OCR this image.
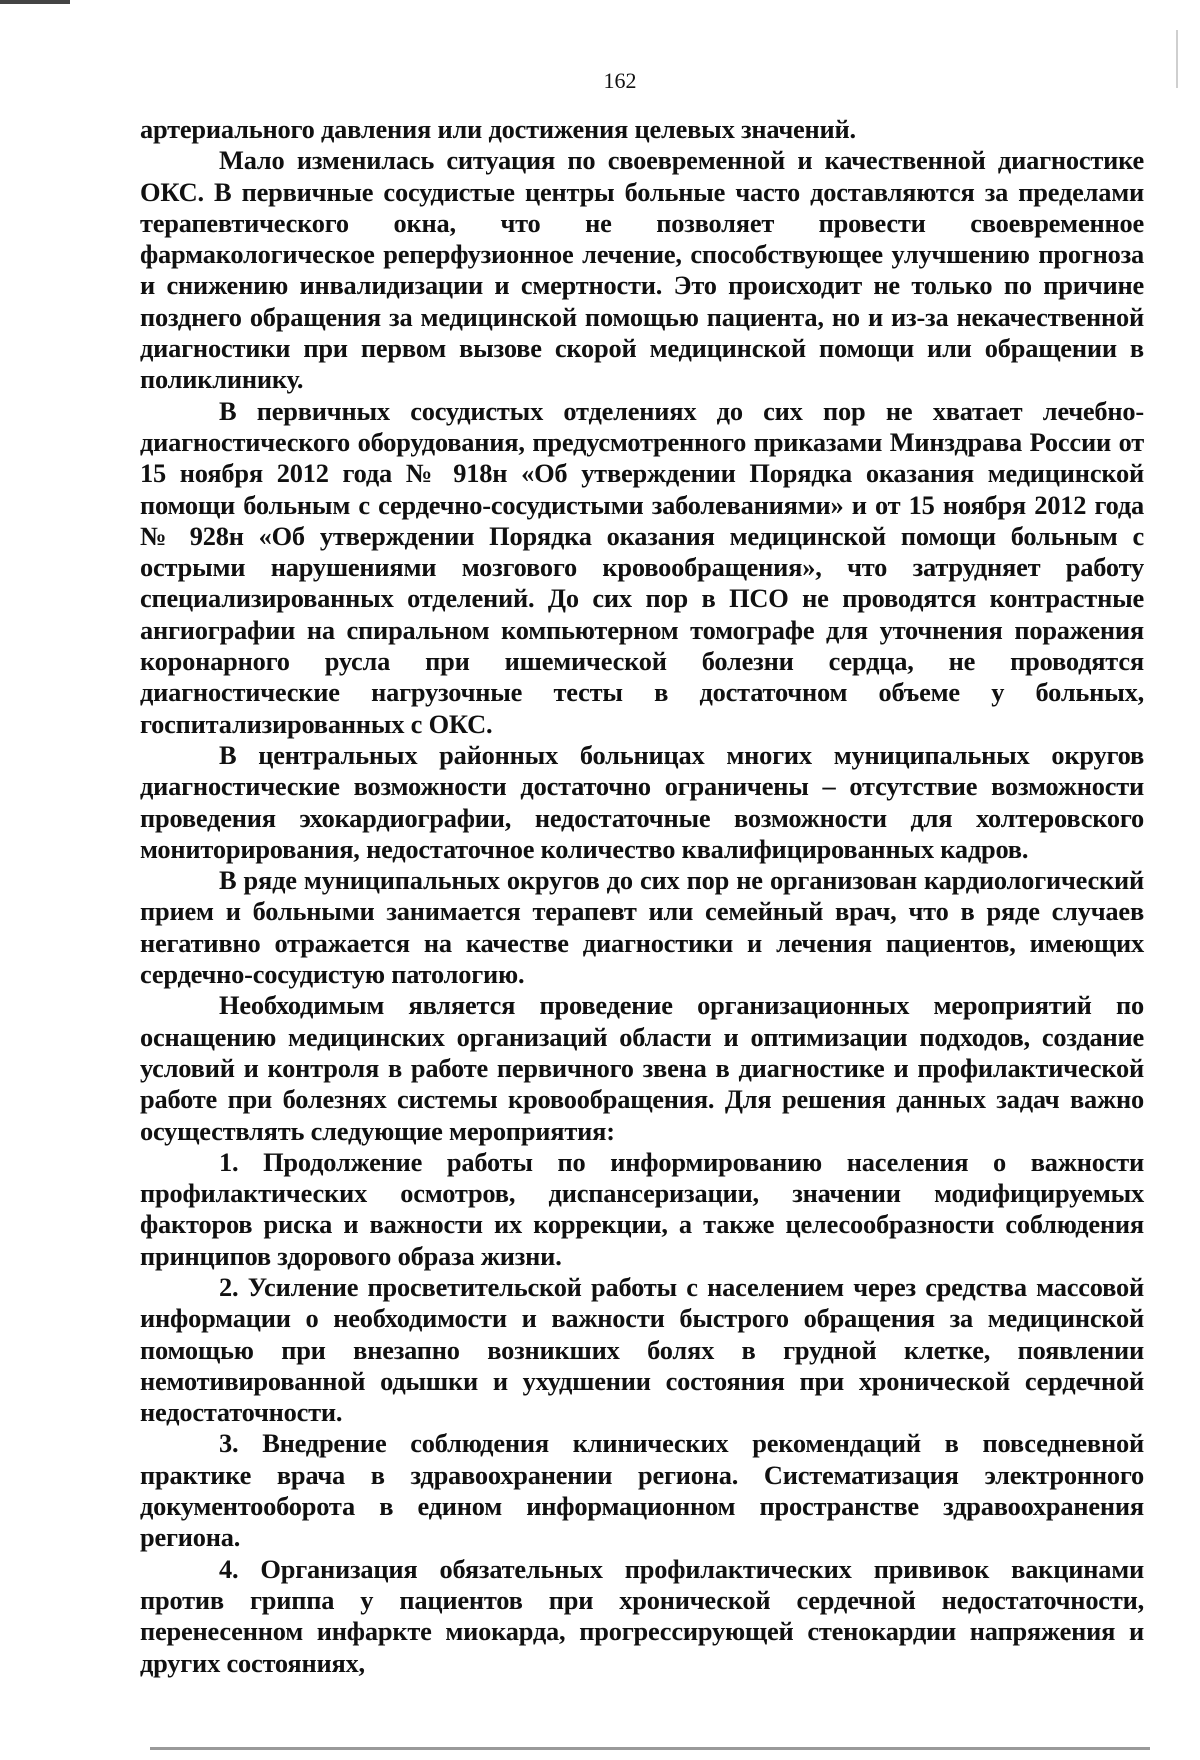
162

артериального давления или достижения целевых значений.

Мало изменилась ситуация по своевременной и качественной диагностике ОКС. В первичные сосудистые центры больные часто доставляются за пределами терапевтического окна, что не позволяет провести своевременное фармакологическое реперфузионное лечение, способствующее улучшению прогноза и снижению инвалидизации и смертности. Это происходит не только по причине позднего обращения за медицинской помощью пациента, но и из-за некачественной диагностики при первом вызове скорой медицинской помощи или обращении в поликлинику.

В первичных сосудистых отделениях до сих пор не хватает лечебно-диагностического оборудования, предусмотренного приказами Минздрава России от 15 ноября 2012 года № 918н «Об утверждении Порядка оказания медицинской помощи больным с сердечно-сосудистыми заболеваниями» и от 15 ноября 2012 года № 928н «Об утверждении Порядка оказания медицинской помощи больным с острыми нарушениями мозгового кровообращения», что затрудняет работу специализированных отделений. До сих пор в ПСО не проводятся контрастные ангиографии на спиральном компьютерном томографе для уточнения поражения коронарного русла при ишемической болезни сердца, не проводятся диагностические нагрузочные тесты в достаточном объеме у больных, госпитализированных с ОКС.

В центральных районных больницах многих муниципальных округов диагностические возможности достаточно ограничены – отсутствие возможности проведения эхокардиографии, недостаточные возможности для холтеровского мониторирования, недостаточное количество квалифицированных кадров.

В ряде муниципальных округов до сих пор не организован кардиологический прием и больными занимается терапевт или семейный врач, что в ряде случаев негативно отражается на качестве диагностики и лечения пациентов, имеющих сердечно-сосудистую патологию.

Необходимым является проведение организационных мероприятий по оснащению медицинских организаций области и оптимизации подходов, создание условий и контроля в работе первичного звена в диагностике и профилактической работе при болезнях системы кровообращения. Для решения данных задач важно осуществлять следующие мероприятия:

1. Продолжение работы по информированию населения о важности профилактических осмотров, диспансеризации, значении модифицируемых факторов риска и важности их коррекции, а также целесообразности соблюдения принципов здорового образа жизни.

2. Усиление просветительской работы с населением через средства массовой информации о необходимости и важности быстрого обращения за медицинской помощью при внезапно возникших болях в грудной клетке, появлении немотивированной одышки и ухудшении состояния при хронической сердечной недостаточности.

3. Внедрение соблюдения клинических рекомендаций в повседневной практике врача в здравоохранении региона. Систематизация электронного документооборота в едином информационном пространстве здравоохранения региона.

4. Организация обязательных профилактических прививок вакцинами против гриппа у пациентов при хронической сердечной недостаточности, перенесенном инфаркте миокарда, прогрессирующей стенокардии напряжения и других состояниях,
